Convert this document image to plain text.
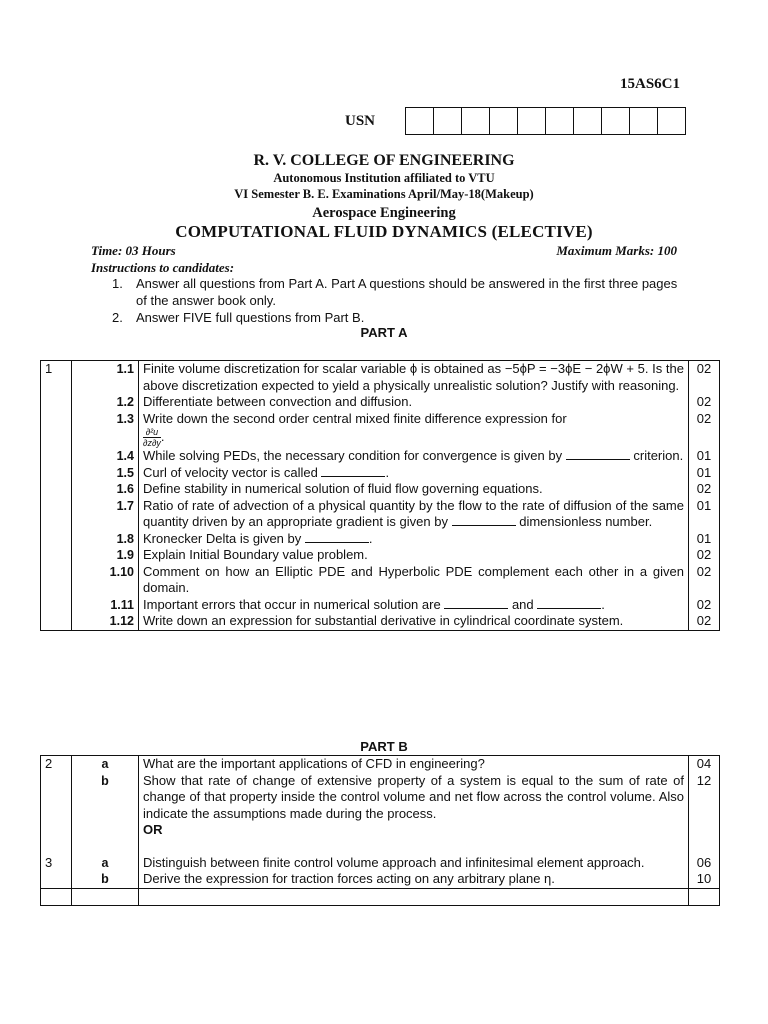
15AS6C1
USN

R. V. COLLEGE OF ENGINEERING

Autonomous Institution affiliated to VTU

VI Semester B. E. Examinations April/May-18(Makeup)

Aerospace Engineering

COMPUTATIONAL FLUID DYNAMICS (ELECTIVE)

Time: 03 Hours	Maximum Marks: 100
Instructions to candidates:
1.	Answer all questions from Part A. Part A questions should be answered in the first three pages of the answer book only.
2.	Answer FIVE full questions from Part B.
PART A
1	1.1	Finite volume discretization for scalar variable ϕ is obtained as −5ϕP = −3ϕE − 2ϕW + 5. Is the above discretization expected to yield a physically unrealistic solution? Justify with reasoning.	02
	1.2	Differentiate between convection and diffusion.	02
	1.3	Write down the second order central mixed finite difference expression for

$\frac{\text{∂²u}}{\partial z\partial y}$ .	02
	1.4	While solving PEDs, the necessary condition for convergence is given by criterion.	01
	1.5	Curl of velocity vector is called .	01
	1.6	Define stability in numerical solution of fluid flow governing equations.	02
	1.7	Ratio of rate of advection of a physical quantity by the flow to the rate of diffusion of the same quantity driven by an appropriate gradient is given by dimensionless number.	01
	1.8	Kronecker Delta is given by .	01
	1.9	Explain Initial Boundary value problem.	02
	1.10	Comment on how an Elliptic PDE and Hyperbolic PDE complement each other in a given domain.	02
	1.11	Important errors that occur in numerical solution are and .	02
	1.12	Write down an expression for substantial derivative in cylindrical coordinate system.	02
PART B
2	a	What are the important applications of CFD in engineering?	04
	b	Show that rate of change of extensive property of a system is equal to the sum of rate of change of that property inside the control volume and net flow across the control volume. Also indicate the assumptions made during the process.	12
		OR	

3	a	Distinguish between finite control volume approach and infinitesimal element approach.	06
	b	Derive the expression for traction forces acting on any arbitrary plane η.	10
